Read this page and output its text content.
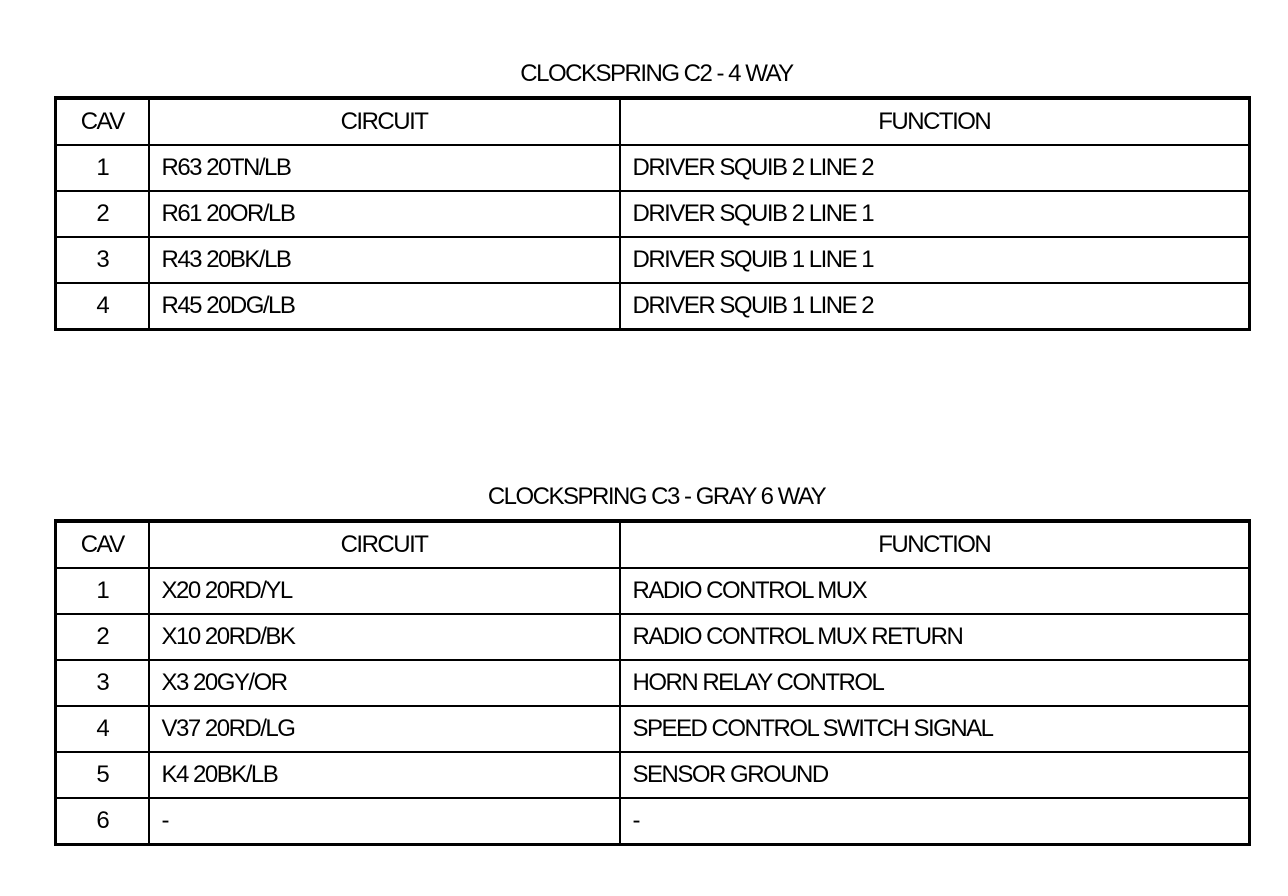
CLOCKSPRING C2 - 4 WAY
CAV	CIRCUIT	FUNCTION
1	R63 20TN/LB	DRIVER SQUIB 2 LINE 2
2	R61 20OR/LB	DRIVER SQUIB 2 LINE 1
3	R43 20BK/LB	DRIVER SQUIB 1 LINE 1
4	R45 20DG/LB	DRIVER SQUIB 1 LINE 2
CLOCKSPRING C3 - GRAY 6 WAY
CAV	CIRCUIT	FUNCTION
1	X20 20RD/YL	RADIO CONTROL MUX
2	X10 20RD/BK	RADIO CONTROL MUX RETURN
3	X3 20GY/OR	HORN RELAY CONTROL
4	V37 20RD/LG	SPEED CONTROL SWITCH SIGNAL
5	K4 20BK/LB	SENSOR GROUND
6	-	-
